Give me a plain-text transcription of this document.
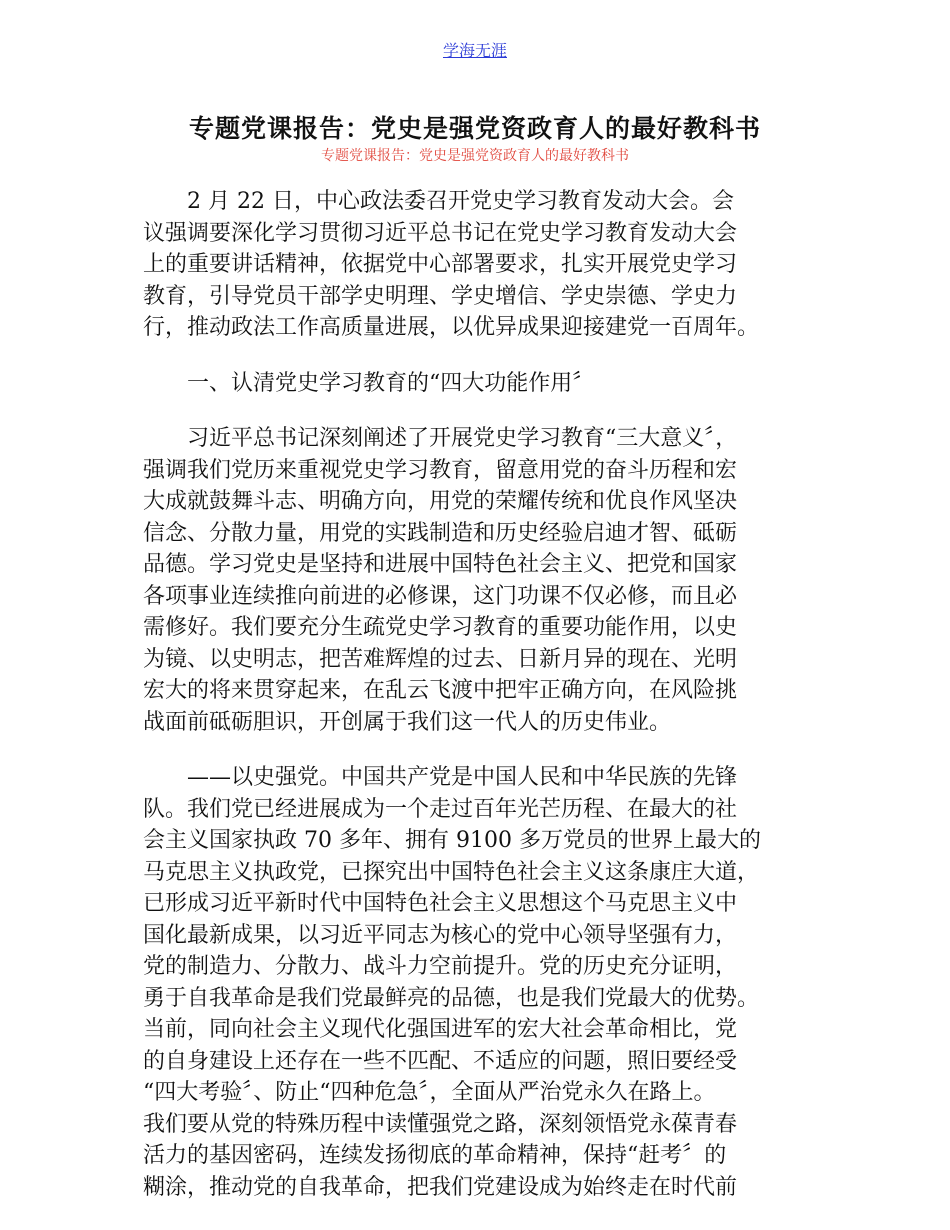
学海无涯
专题党课报告：党史是强党资政育人的最好教科书
专题党课报告：党史是强党资政育人的最好教科书
　　2 月 22 日，中心政法委召开党史学习教育发动大会。会
议强调要深化学习贯彻习近平总书记在党史学习教育发动大会
上的重要讲话精神，依据党中心部署要求，扎实开展党史学习
教育，引导党员干部学史明理、学史增信、学史崇德、学史力
行，推动政法工作高质量进展，以优异成果迎接建党一百周年。
　　一、认清党史学习教育的“四大功能作用〞
　　习近平总书记深刻阐述了开展党史学习教育“三大意义〞，
强调我们党历来重视党史学习教育，留意用党的奋斗历程和宏
大成就鼓舞斗志、明确方向，用党的荣耀传统和优良作风坚决
信念、分散力量，用党的实践制造和历史经验启迪才智、砥砺
品德。学习党史是坚持和进展中国特色社会主义、把党和国家
各项事业连续推向前进的必修课，这门功课不仅必修，而且必
需修好。我们要充分生疏党史学习教育的重要功能作用，以史
为镜、以史明志，把苦难辉煌的过去、日新月异的现在、光明
宏大的将来贯穿起来，在乱云飞渡中把牢正确方向，在风险挑
战面前砥砺胆识，开创属于我们这一代人的历史伟业。
　　——以史强党。中国共产党是中国人民和中华民族的先锋
队。我们党已经进展成为一个走过百年光芒历程、在最大的社
会主义国家执政 70 多年、拥有 9100 多万党员的世界上最大的
马克思主义执政党，已探究出中国特色社会主义这条康庄大道，
已形成习近平新时代中国特色社会主义思想这个马克思主义中
国化最新成果，以习近平同志为核心的党中心领导坚强有力，
党的制造力、分散力、战斗力空前提升。党的历史充分证明，
勇于自我革命是我们党最鲜亮的品德，也是我们党最大的优势。
当前，同向社会主义现代化强国进军的宏大社会革命相比，党
的自身建设上还存在一些不匹配、不适应的问题，照旧要经受
“四大考验〞、防止“四种危急〞，全面从严治党永久在路上。
我们要从党的特殊历程中读懂强党之路，深刻领悟党永葆青春
活力的基因密码，连续发扬彻底的革命精神，保持“赶考〞的
糊涂，推动党的自我革命，把我们党建设成为始终走在时代前
